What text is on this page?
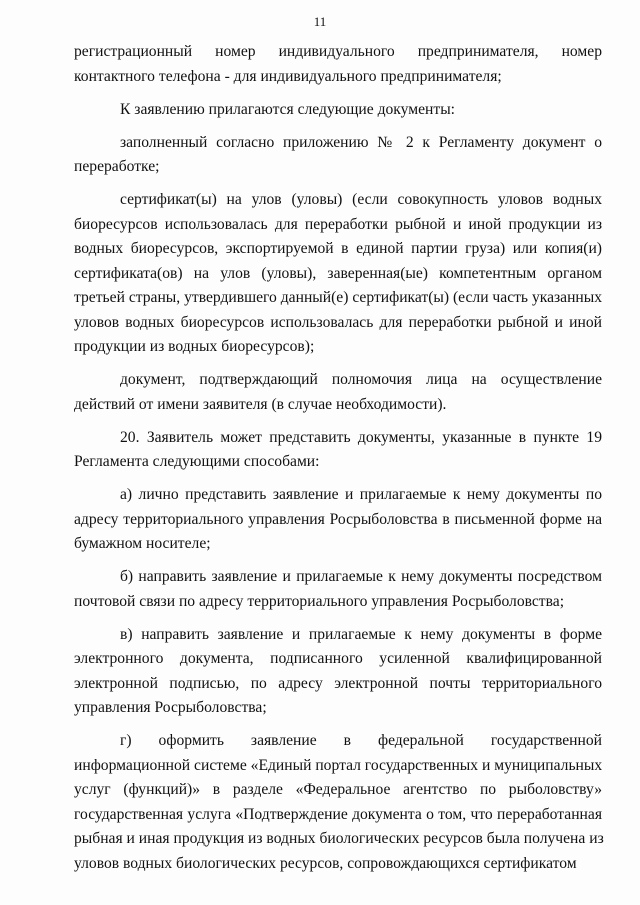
11
регистрационный номер индивидуального предпринимателя, номер
контактного телефона - для индивидуального предпринимателя;
К заявлению прилагаются следующие документы:
заполненный согласно приложению № 2 к Регламенту документ о
переработке;
сертификат(ы) на улов (уловы) (если совокупность уловов водных
биоресурсов использовалась для переработки рыбной и иной продукции из
водных биоресурсов, экспортируемой в единой партии груза) или копия(и)
сертификата(ов) на улов (уловы), заверенная(ые) компетентным органом
третьей страны, утвердившего данный(е) сертификат(ы) (если часть указанных
уловов водных биоресурсов использовалась для переработки рыбной и иной
продукции из водных биоресурсов);
документ, подтверждающий полномочия лица на осуществление
действий от имени заявителя (в случае необходимости).
20. Заявитель может представить документы, указанные в пункте 19
Регламента следующими способами:
а) лично представить заявление и прилагаемые к нему документы по
адресу территориального управления Росрыболовства в письменной форме на
бумажном носителе;
б) направить заявление и прилагаемые к нему документы посредством
почтовой связи по адресу территориального управления Росрыболовства;
в) направить заявление и прилагаемые к нему документы в форме
электронного документа, подписанного усиленной квалифицированной
электронной подписью, по адресу электронной почты территориального
управления Росрыболовства;
г) оформить заявление в федеральной государственной
информационной системе «Единый портал государственных и муниципальных
услуг (функций)» в разделе «Федеральное агентство по рыболовству»
государственная услуга «Подтверждение документа о том, что переработанная
рыбная и иная продукция из водных биологических ресурсов была получена из
уловов водных биологических ресурсов, сопровождающихся сертификатом
